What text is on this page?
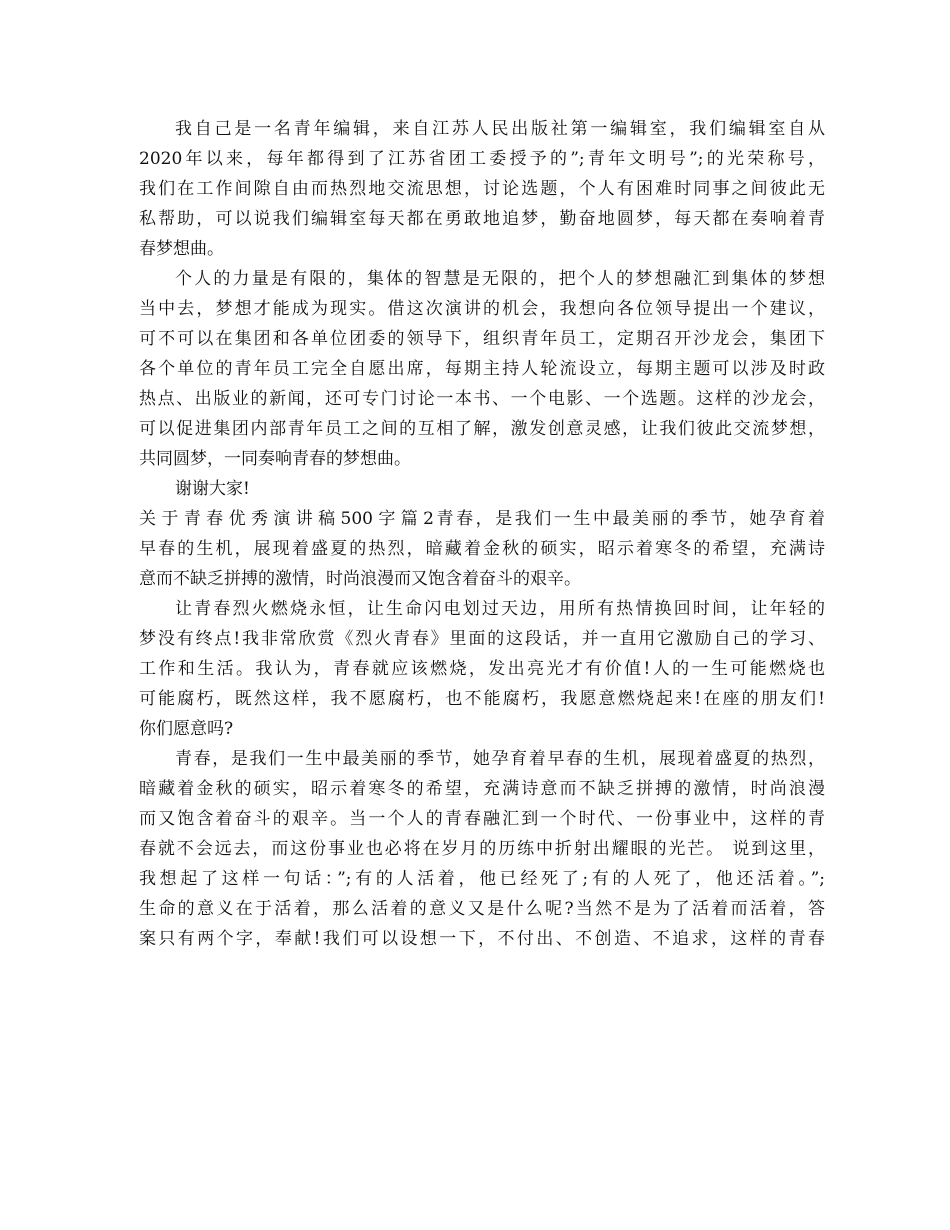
我自己是一名青年编辑，来自江苏人民出版社第一编辑室，我们编辑室自从
2020年以来，每年都得到了江苏省团工委授予的”;青年文明号”;的光荣称号，
我们在工作间隙自由而热烈地交流思想，讨论选题，个人有困难时同事之间彼此无
私帮助，可以说我们编辑室每天都在勇敢地追梦，勤奋地圆梦，每天都在奏响着青
春梦想曲。
个人的力量是有限的，集体的智慧是无限的，把个人的梦想融汇到集体的梦想
当中去，梦想才能成为现实。借这次演讲的机会，我想向各位领导提出一个建议，
可不可以在集团和各单位团委的领导下，组织青年员工，定期召开沙龙会，集团下
各个单位的青年员工完全自愿出席，每期主持人轮流设立，每期主题可以涉及时政
热点、出版业的新闻，还可专门讨论一本书、一个电影、一个选题。这样的沙龙会，
可以促进集团内部青年员工之间的互相了解，激发创意灵感，让我们彼此交流梦想，
共同圆梦，一同奏响青春的梦想曲。
谢谢大家!
关于青春优秀演讲稿500字篇2青春，是我们一生中最美丽的季节，她孕育着
早春的生机，展现着盛夏的热烈，暗藏着金秋的硕实，昭示着寒冬的希望，充满诗
意而不缺乏拼搏的激情，时尚浪漫而又饱含着奋斗的艰辛。
让青春烈火燃烧永恒，让生命闪电划过天边，用所有热情换回时间，让年轻的
梦没有终点!我非常欣赏《烈火青春》里面的这段话，并一直用它激励自己的学习、
工作和生活。我认为，青春就应该燃烧，发出亮光才有价值!人的一生可能燃烧也
可能腐朽，既然这样，我不愿腐朽，也不能腐朽，我愿意燃烧起来!在座的朋友们!
你们愿意吗?
青春，是我们一生中最美丽的季节，她孕育着早春的生机，展现着盛夏的热烈，
暗藏着金秋的硕实，昭示着寒冬的希望，充满诗意而不缺乏拼搏的激情，时尚浪漫
而又饱含着奋斗的艰辛。当一个人的青春融汇到一个时代、一份事业中，这样的青
春就不会远去，而这份事业也必将在岁月的历练中折射出耀眼的光芒。 说到这里，
我想起了这样一句话：”;有的人活着，他已经死了;有的人死了，他还活着。”;
生命的意义在于活着，那么活着的意义又是什么呢?当然不是为了活着而活着，答
案只有两个字，奉献!我们可以设想一下，不付出、不创造、不追求，这样的青春
